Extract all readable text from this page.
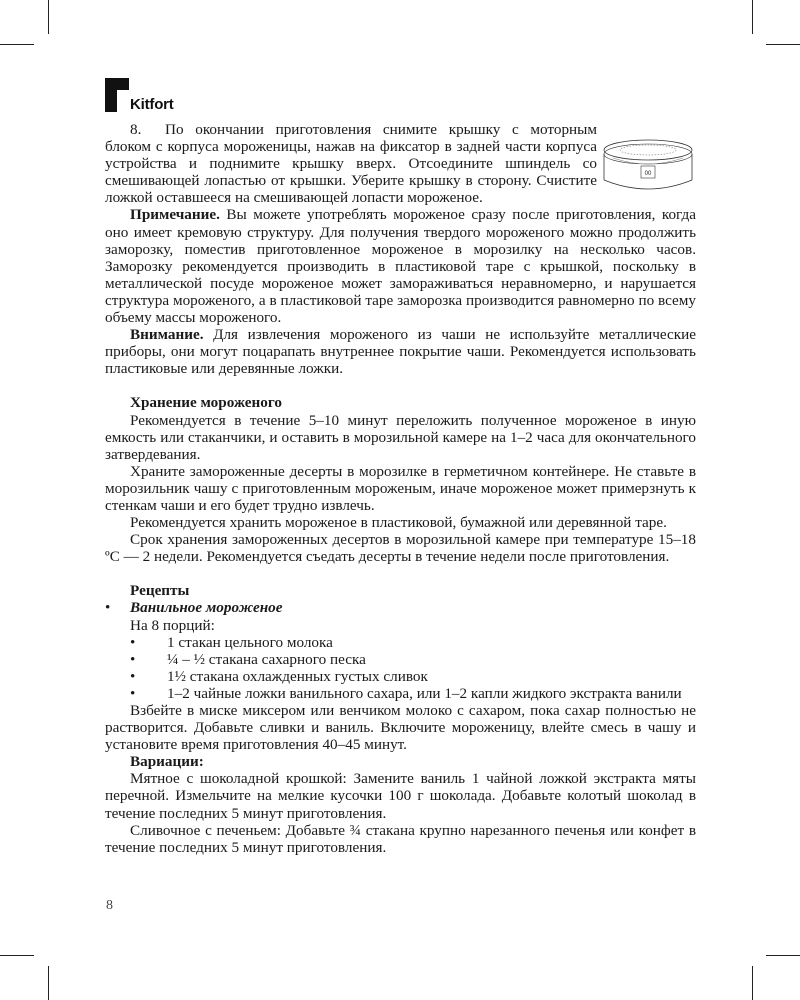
Kitfort
00

8. По окончании приготовления снимите крышку с моторным блоком с корпуса мороженицы, нажав на фиксатор в задней части корпуса устройства и поднимите крышку вверх. Отсоедините шпиндель со смешивающей лопастью от крышки. Уберите крышку в сторону. Счистите ложкой оставшееся на смешивающей лопасти мороженое.

Примечание. Вы можете употреблять мороженое сразу после приготовления, когда оно имеет кремовую структуру. Для получения твердого мороженого можно продолжить заморозку, поместив приготовленное мороженое в морозилку на несколько часов. Заморозку рекомендуется производить в пластиковой таре с крышкой, поскольку в металлической посуде мороженое может замораживаться неравномерно, и нарушается структура мороженого, а в пластиковой таре заморозка производится равномерно по всему объему массы мороженого.

Внимание. Для извлечения мороженого из чаши не используйте металлические приборы, они могут поцарапать внутреннее покрытие чаши. Рекомендуется использовать пластиковые или деревянные ложки.

Хранение мороженого

Рекомендуется в течение 5–10 минут переложить полученное мороженое в иную емкость или стаканчики, и оставить в морозильной камере на 1–2 часа для окончательного затвердевания.

Храните замороженные десерты в морозилке в герметичном контейнере. Не ставьте в морозильник чашу с приготовленным мороженым, иначе мороженое может примерзнуть к стенкам чаши и его будет трудно извлечь.

Рекомендуется хранить мороженое в пластиковой, бумажной или деревянной таре.

Срок хранения замороженных десертов в морозильной камере при температуре 15–18 ºС — 2 недели. Рекомендуется съедать десерты в течение недели после приготовления.

Рецепты

•	Ванильное мороженое

На 8 порций:

•	1 стакан цельного молока
•	¼ – ½ стакана сахарного песка
•	1½ стакана охлажденных густых сливок

• 1–2 чайные ложки ванильного сахара, или 1–2 капли жидкого экстракта ванили

Взбейте в миске миксером или венчиком молоко с сахаром, пока сахар полностью не растворится. Добавьте сливки и ваниль. Включите мороженицу, влейте смесь в чашу и установите время приготовления 40–45 минут.

Вариации:

Мятное с шоколадной крошкой: Замените ваниль 1 чайной ложкой экстракта мяты перечной. Измельчите на мелкие кусочки 100 г шоколада. Добавьте колотый шоколад в течение последних 5 минут приготовления.

Сливочное с печеньем: Добавьте ¾ стакана крупно нарезанного печенья или конфет в течение последних 5 минут приготовления.

8
